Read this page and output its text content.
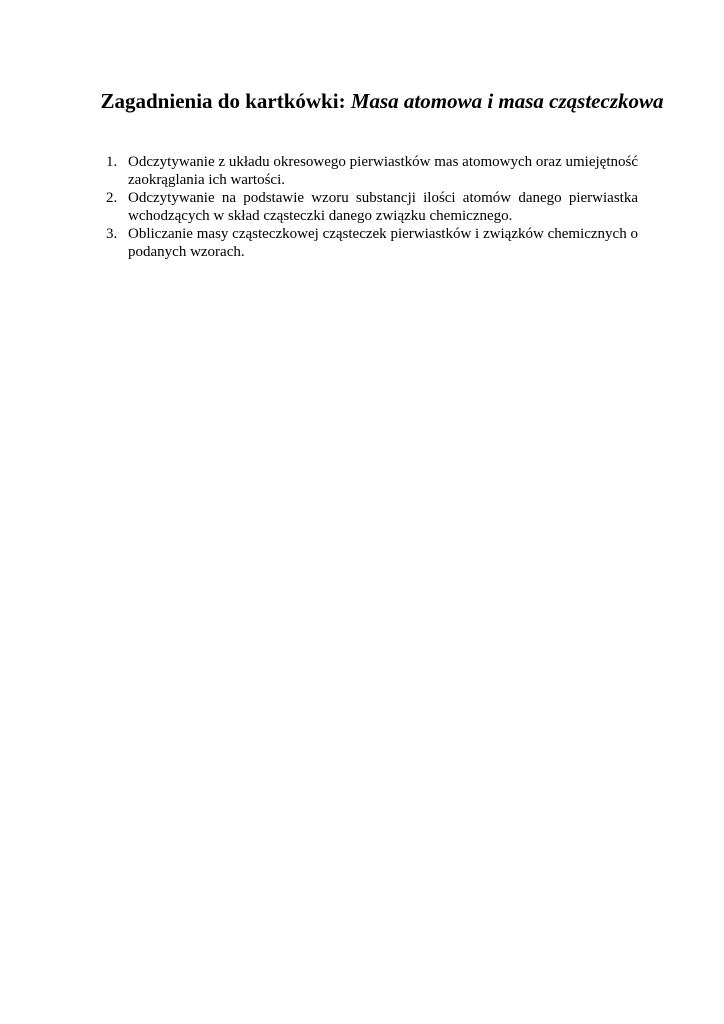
Zagadnienia do kartkówki: Masa atomowa i masa cząsteczkowa
1. Odczytywanie z układu okresowego pierwiastków mas atomowych oraz umiejętność zaokrąglania ich wartości.
2. Odczytywanie na podstawie wzoru substancji ilości atomów danego pierwiastka wchodzących w skład cząsteczki danego związku chemicznego.
3. Obliczanie masy cząsteczkowej cząsteczek pierwiastków i związków chemicznych o podanych wzorach.
